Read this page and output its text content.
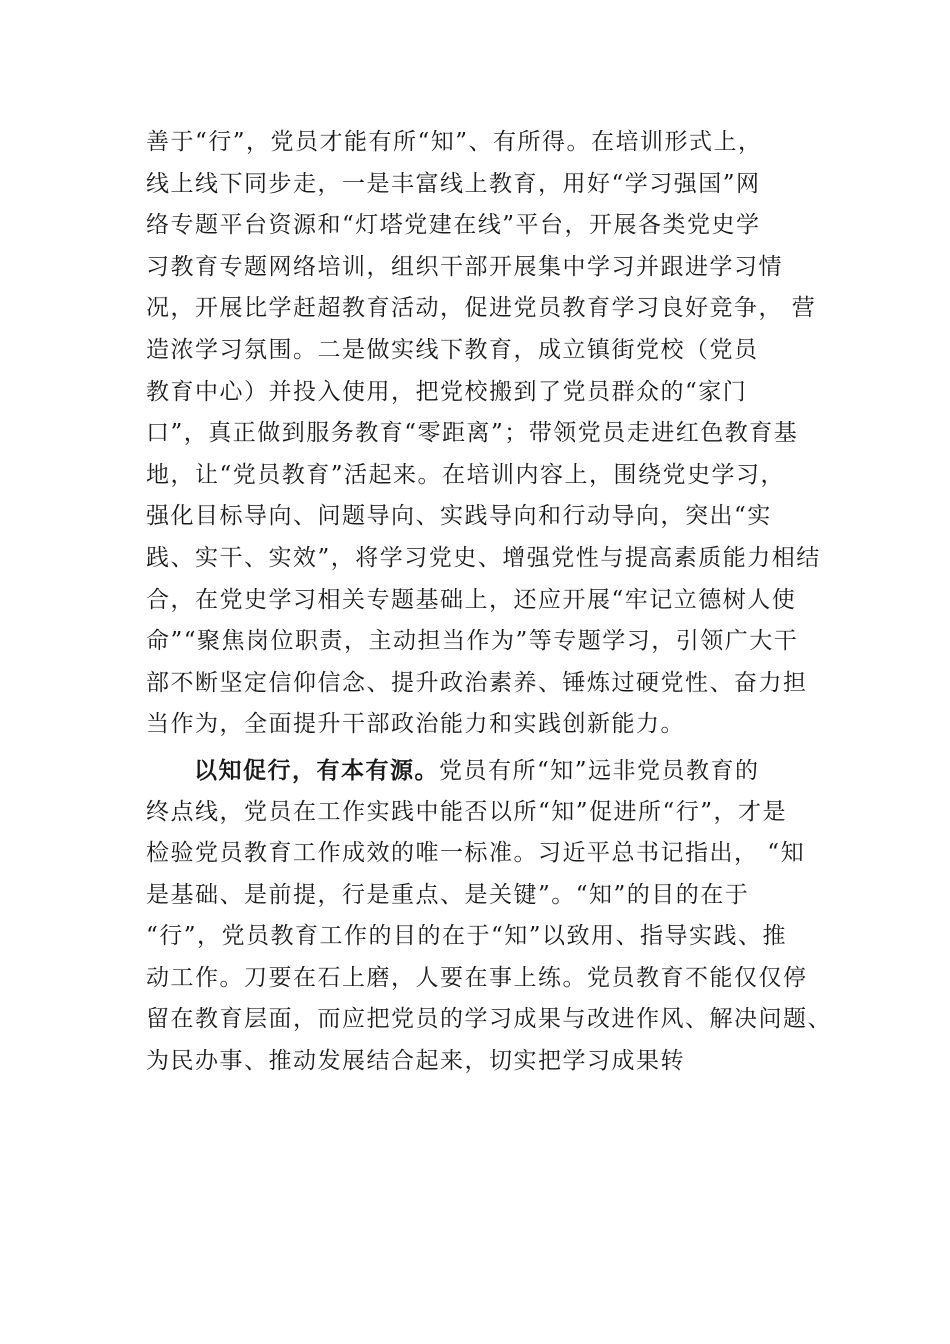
善于“行”，党员才能有所“知”、有所得。在培训形式上，
线上线下同步走，一是丰富线上教育，用好“学习强国”网
络专题平台资源和“灯塔党建在线”平台，开展各类党史学
习教育专题网络培训，组织干部开展集中学习并跟进学习情
况，开展比学赶超教育活动，促进党员教育学习良好竞争， 营
造浓⁡学习氛围。二是做实线下教育，成立镇街党校（党员
教育中心）并投入使用，把党校搬到了党员群众的“家门
口”，真正做到服务教育“零距离”；带领党员走进红色教育基
地，让“党员教育”活起来。在培训内容上，围绕党史学习，
强化目标导向、问题导向、实践导向和行动导向，突出“实
践、实干、实效”，将学习党史、增强党性与提高素质能力相结
合，在党史学习相关专题基础上，还应开展“牢记立德树人使
命”“聚焦岗位职责，主动担当作为”等专题学习，引领广大干
部不断坚定信仰信念、提升政治素养、锤炼过硬党性、奋力担
当作为，全面提升干部政治能力和实践创新能力。
以知促行，有本有源。党员有所“知”远非党员教育的
终点线，党员在工作实践中能否以所“知”促进所“行”，才是
检验党员教育工作成效的唯一标准。习近平总书记指出， “知
是基础、是前提，行是重点、是关键”。“知”的目的在于
“行”，党员教育工作的目的在于“知”以致用、指导实践、推
动工作。刀要在石上磨，人要在事上练。党员教育不能仅仅停
留在教育层面，而应把党员的学习成果与改进作风、解决问题、
为民办事、推动发展结合起来，切实把学习成果转
